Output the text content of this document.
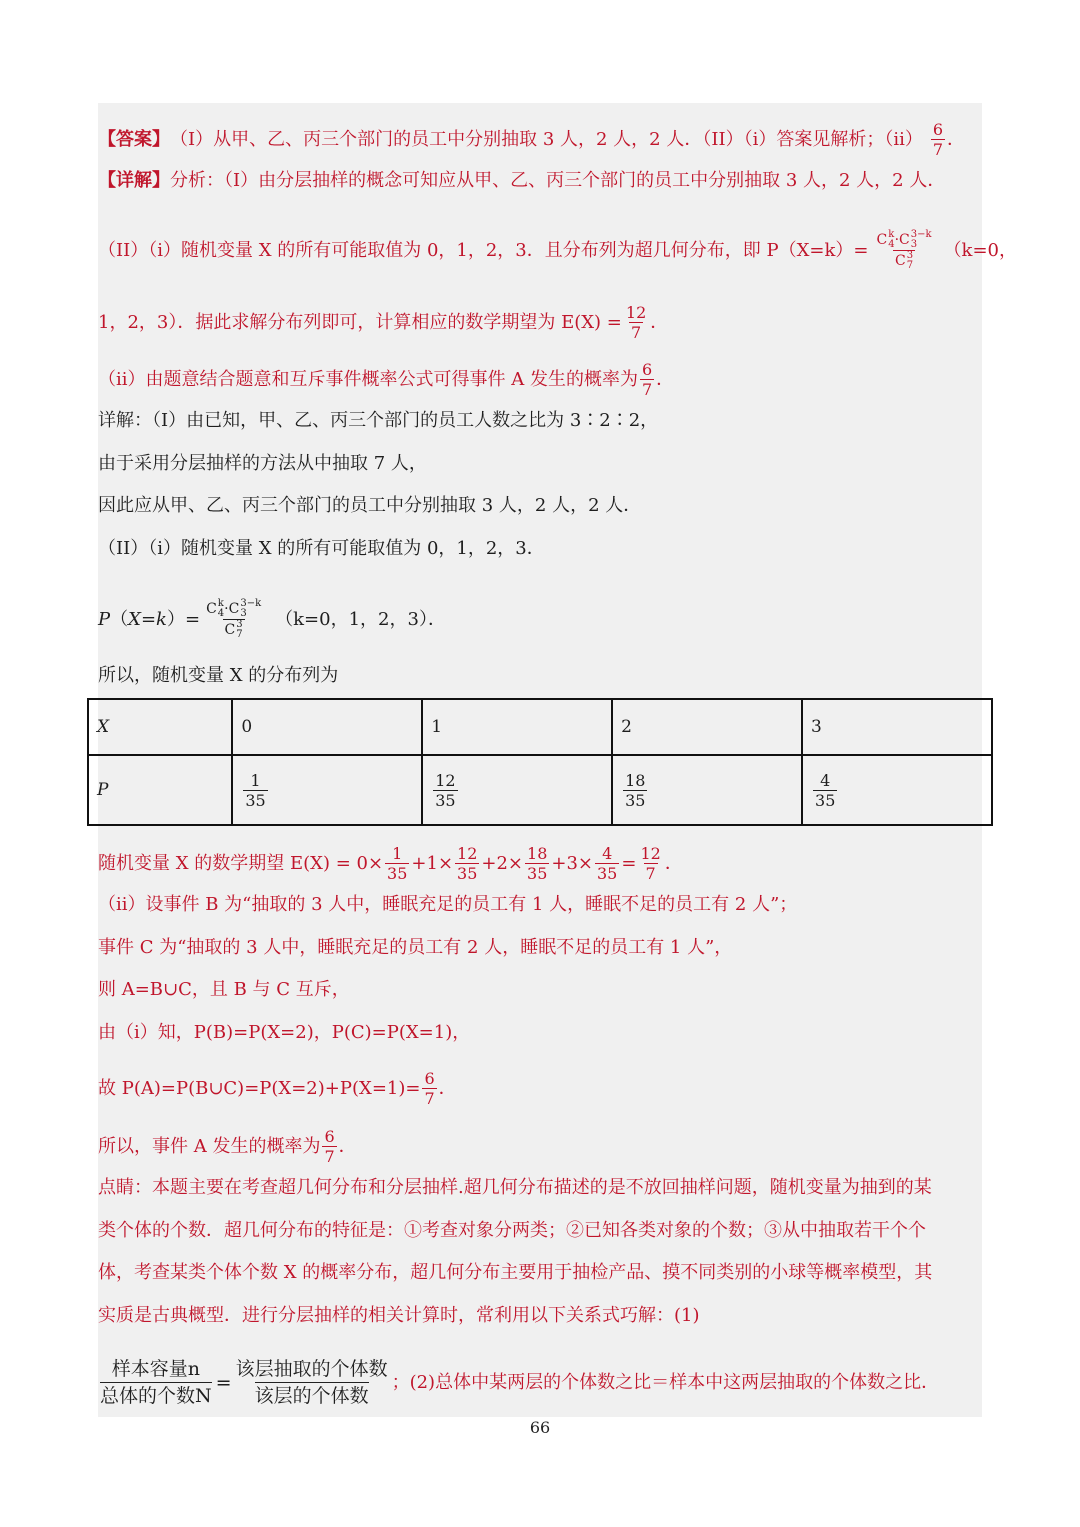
【答案】 （I）从甲、乙、丙三个部门的员工中分别抽取 3 人，2 人，2 人．（II）（i）答案见解析；$(ii) \frac{6}{7}$ ．
【详解】 分析：（I）由分层抽样的概念可知应从甲、乙、丙三个部门的员工中分别抽取 3 人，2 人，2 人．
（II）（i）随机变量 X 的所有可能取值为 0，1，2，3．且分布列为超几何分布，即 P（X=k）= C k
4 ·C 3−k
3
C 3
7 （k=0，
1，2，3）．据此求解分布列即可，计算相应的数学期望为 $E(X) = \frac{12}{7}$ ．
（ii）由题意结合题意和互斥事件概率公式可得事件 A 发生的概率为 $\frac{6}{7}$ ．
详解：（I）由已知，甲、乙、丙三个部门的员工人数之比为 3∶2∶2，
由于采用分层抽样的方法从中抽取 7 人，
因此应从甲、乙、丙三个部门的员工中分别抽取 3 人，2 人，2 人．
（II）（i）随机变量 X 的所有可能取值为 0，1，2，3．
P（X=k）= C k
4 ·C 3−k
3
C 3
7 （k=0，1，2，3）．
所以，随机变量 X 的分布列为
X	0	1	2	3
P	$\frac{1}{35}$	$\frac{12}{35}$	$\frac{18}{35}$	$\frac{4}{35}$
随机变量 X 的数学期望 $E(X) = 0\times \frac{1}{35} +1\times \frac{12}{35} +2\times \frac{18}{35} +3\times \frac{4}{35} = \frac{12}{7}$ ．
（ii）设事件 B 为“抽取的 3 人中，睡眠充足的员工有 1 人，睡眠不足的员工有 2 人”；
事件 C 为“抽取的 3 人中，睡眠充足的员工有 2 人，睡眠不足的员工有 1 人”，
则 A=B∪C，且 B 与 C 互斥，
由（i）知，P(B)=P(X=2)，P(C)=P(X=1)，
故 P(A)=P(B∪C)=P(X=2)+P(X=1)= $\frac{6}{7}$ ．
所以，事件 A 发生的概率为 $\frac{6}{7}$ ．
点睛：本题主要在考查超几何分布和分层抽样.超几何分布描述的是不放回抽样问题，随机变量为抽到的某
类个体的个数．超几何分布的特征是：①考查对象分两类；②已知各类对象的个数；③从中抽取若干个个
体，考查某类个体个数 X 的概率分布，超几何分布主要用于抽检产品、摸不同类别的小球等概率模型，其
实质是古典概型．进行分层抽样的相关计算时，常利用以下关系式巧解：(1)
$\frac{\text{样本容量n}}{\text{总体的个数N}} = \frac{\text{该层抽取的个体数}}{\text{该层的个体数}}$ ；(2)总体中某两层的个体数之比＝样本中这两层抽取的个体数之比．
66
